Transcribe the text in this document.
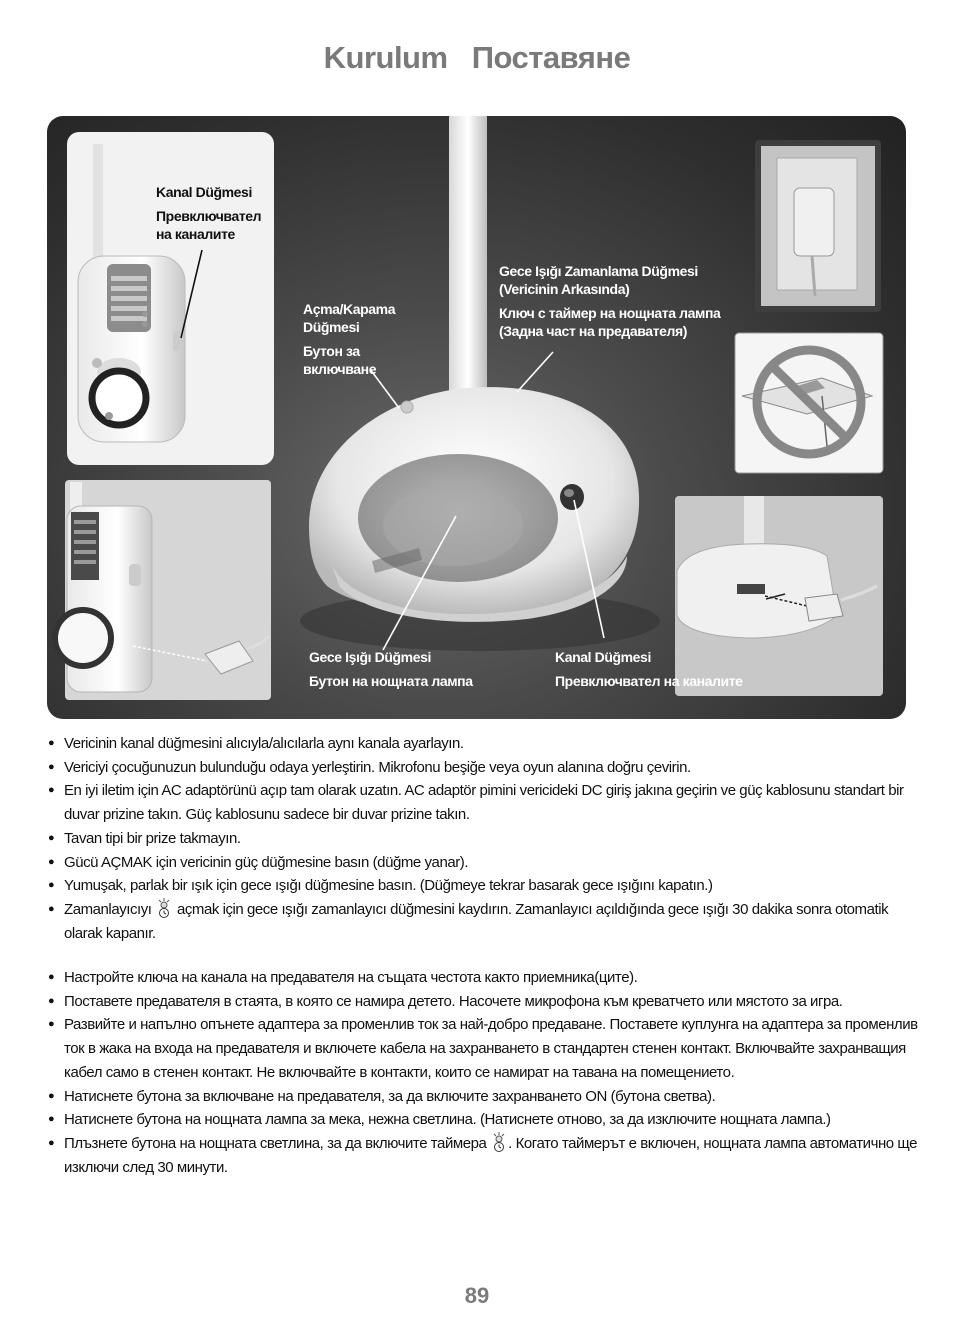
Kurulum Поставяне
Kanal Düğmesi
Превключвател на каналите
Açma/Kapama Düğmesi
Бутон за включване
Gece Işığı Zamanlama Düğmesi (Vericinin Arkasında)
Ключ с таймер на нощната лампа (Задна част на предавателя)
Gece Işığı Düğmesi
Бутон на нощната лампа
Kanal Düğmesi
Превключвател на каналите
● Vericinin kanal düğmesini alıcıyla/alıcılarla aynı kanala ayarlayın.
● Vericiyi çocuğunuzun bulunduğu odaya yerleştirin. Mikrofonu beşiğe veya oyun alanına doğru çevirin.
● En iyi iletim için AC adaptörünü açıp tam olarak uzatın. AC adaptör pimini vericideki DC giriş jakına geçirin ve güç kablosunu standart bir duvar prizine takın. Güç kablosunu sadece bir duvar prizine takın.
● Tavan tipi bir prize takmayın.
● Gücü AÇMAK için vericinin güç düğmesine basın (düğme yanar).
● Yumuşak, parlak bir ışık için gece ışığı düğmesine basın. (Düğmeye tekrar basarak gece ışığını kapatın.)
● Zamanlayıcıyı açmak için gece ışığı zamanlayıcı düğmesini kaydırın. Zamanlayıcı açıldığında gece ışığı 30 dakika sonra otomatik olarak kapanır.
● Настройте ключа на канала на предавателя на същата честота както приемника(ците).
● Поставете предавателя в стаята, в която се намира детето. Насочете микрофона към креватчето или мястото за игра.
● Развийте и напълно опънете адаптера за променлив ток за най-добро предаване. Поставете куплунга на адаптера за променлив ток в жака на входа на предавателя и включете кабела на захранването в стандартен стенен контакт. Включвайте захранващия кабел само в стенен контакт. Не включвайте в контакти, които се намират на тавана на помещението.
● Натиснете бутона за включване на предавателя, за да включите захранването ON (бутона светва).
● Натиснете бутона на нощната лампа за мека, нежна светлина. (Натиснете отново, за да изключите нощната лампа.)
● Плъзнете бутона на нощната светлина, за да включите таймера . Когато таймерът е включен, нощната лампа автоматично ще изключи след 30 минути.
89
